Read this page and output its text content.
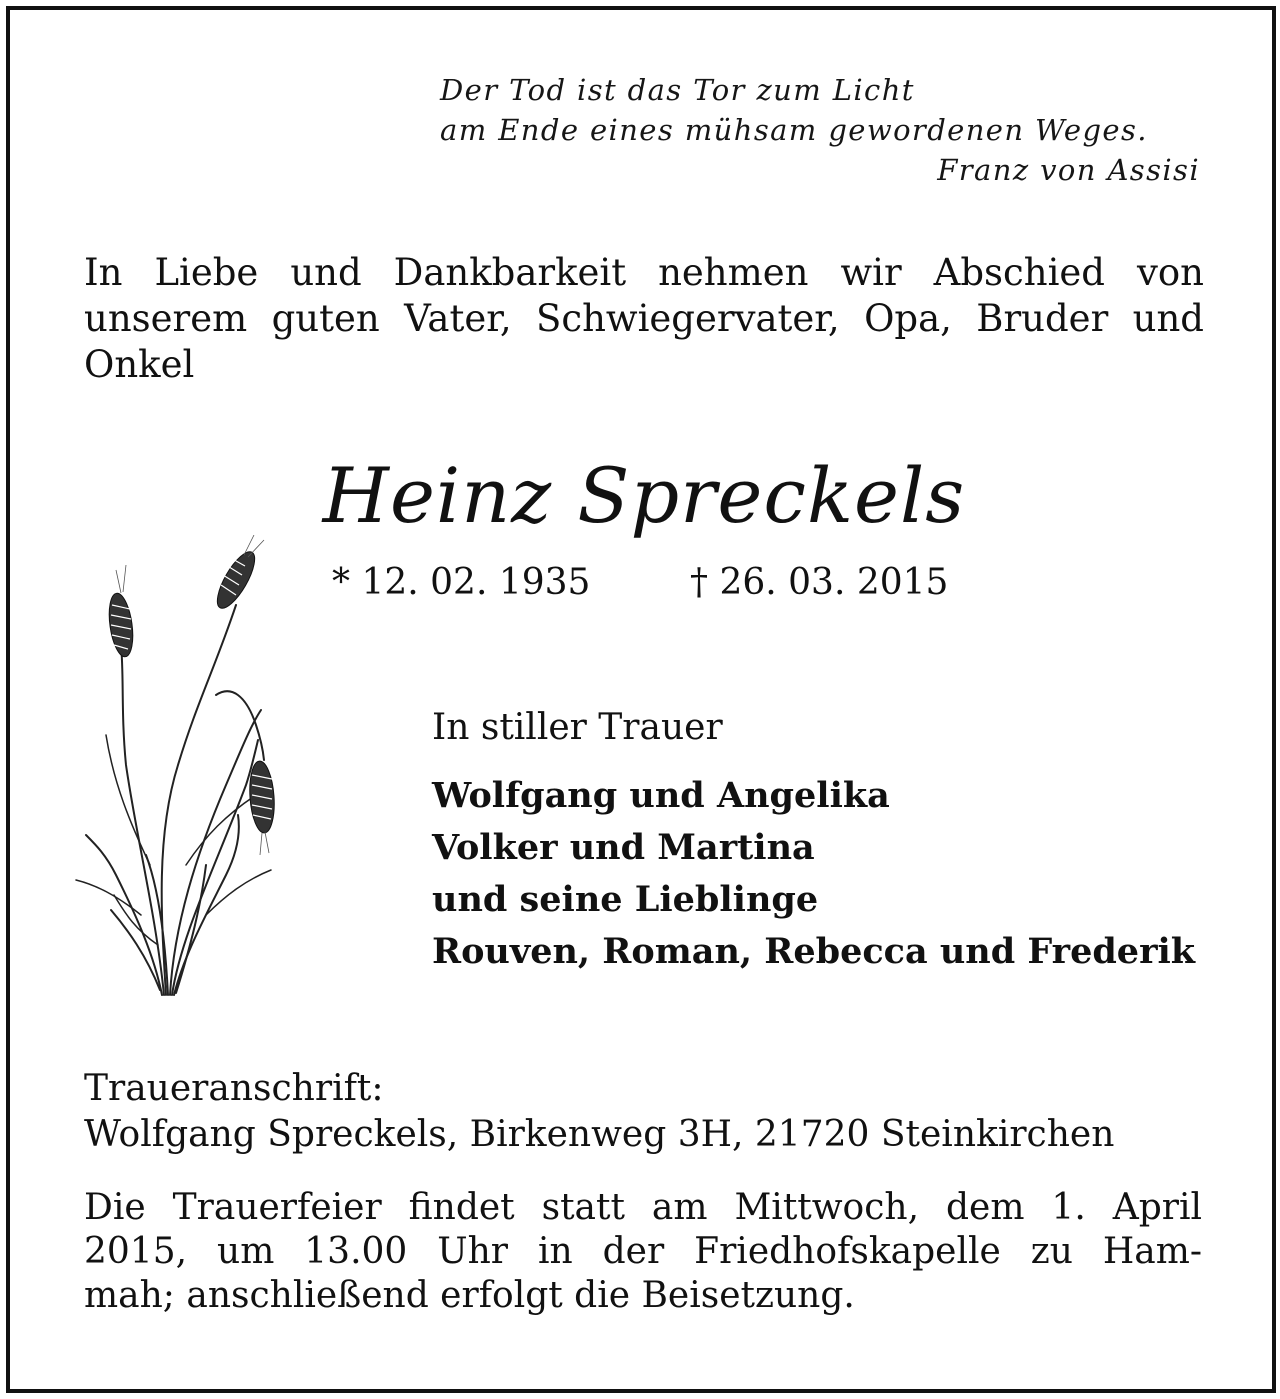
Der Tod ist das Tor zum Licht
am Ende eines mühsam gewordenen Weges.
Franz von Assisi
In Liebe und Dankbarkeit nehmen wir Abschied von
unserem guten Vater, Schwiegervater, Opa, Bruder und
Onkel
Heinz Spreckels
* 12. 02. 1935	† 26. 03. 2015
In stiller Trauer
Wolfgang und Angelika
Volker und Martina
und seine Lieblinge
Rouven, Roman, Rebecca und Frederik
Traueranschrift:
Wolfgang Spreckels, Birkenweg 3H, 21720 Steinkirchen
Die Trauerfeier findet statt am Mittwoch, dem 1. April
2015, um 13.00 Uhr in der Friedhofskapelle zu Ham-
mah; anschließend erfolgt die Beisetzung.
